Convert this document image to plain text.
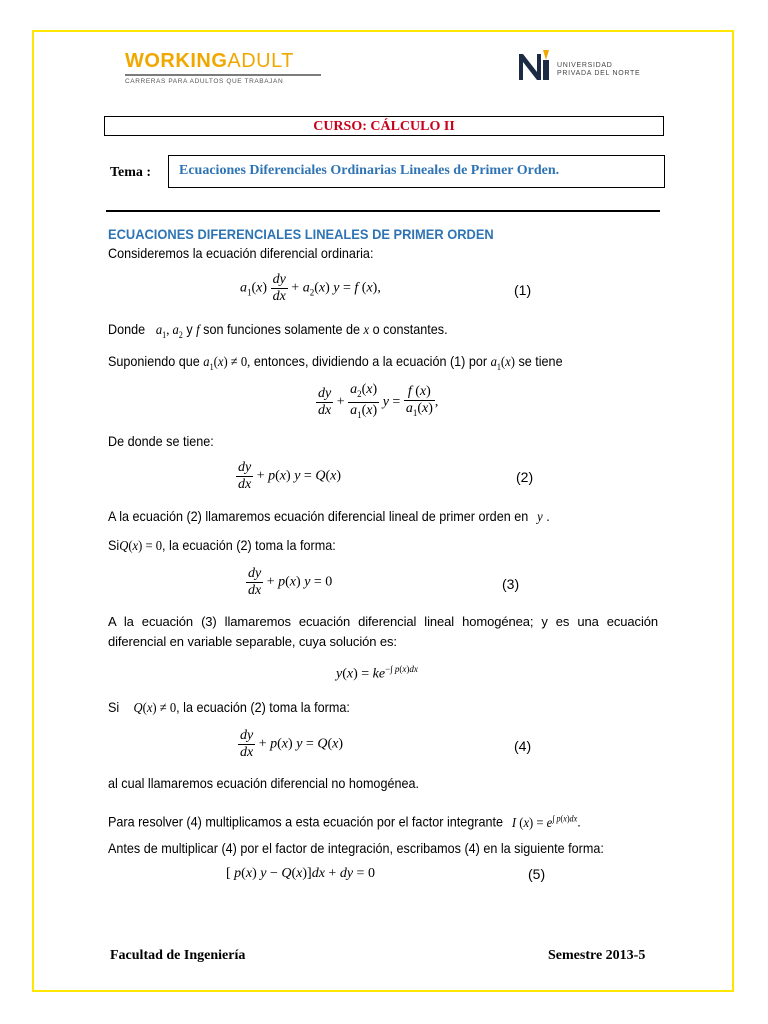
WORKINGADULT
CARRERAS PARA ADULTOS QUE TRABAJAN
UNIVERSIDAD
PRIVADA DEL NORTE
CURSO: CÁLCULO II
Tema :	Ecuaciones Diferenciales Ordinarias Lineales de Primer Orden.
ECUACIONES DIFERENCIALES LINEALES DE PRIMER ORDEN
Consideremos la ecuación diferencial ordinaria:
$a_1(x) \frac{dy}{dx} + a_2(x) y = f$ (x),	(1)
Donde $a_1$, $a_2$ y f son funciones solamente de x o constantes.
Suponiendo que $a_1(x) \ne 0$, entonces, dividiendo a la ecuación (1) por $a_1(x)$ se tiene
$\frac{dy}{dx} + \frac{a_2(x)}{a_1(x)}$ $y = \frac{f (x)}{a_1(x)}$ ,
De donde se tiene:
$\frac{dy}{dx} + p(x) y = Q(x)$	(2)
A la ecuación (2) llamaremos ecuación diferencial lineal de primer orden en y .
SiQ(x) = 0, la ecuación (2) toma la forma:
$\frac{dy}{dx} + p(x) y = 0$	(3)
A la ecuación (3) llamaremos ecuación diferencial lineal homogénea; y es una ecuación diferencial en variable separable, cuya solución es:
$y(x) = ke^{-\int p(x)dx}$
Si Q(x) ≠ 0, la ecuación (2) toma la forma:
$\frac{dy}{dx} + p(x) y = Q(x)$	(4)
al cual llamaremos ecuación diferencial no homogénea.
Para resolver (4) multiplicamos a esta ecuación por el factor integrante I $(x) = e^{\int p(x)dx}$.
Antes de multiplicar (4) por el factor de integración, escribamos (4) en la siguiente forma:
[ p(x) y − Q(x)]dx + dy = 0	(5)
Facultad de Ingeniería	Semestre 2013-5
